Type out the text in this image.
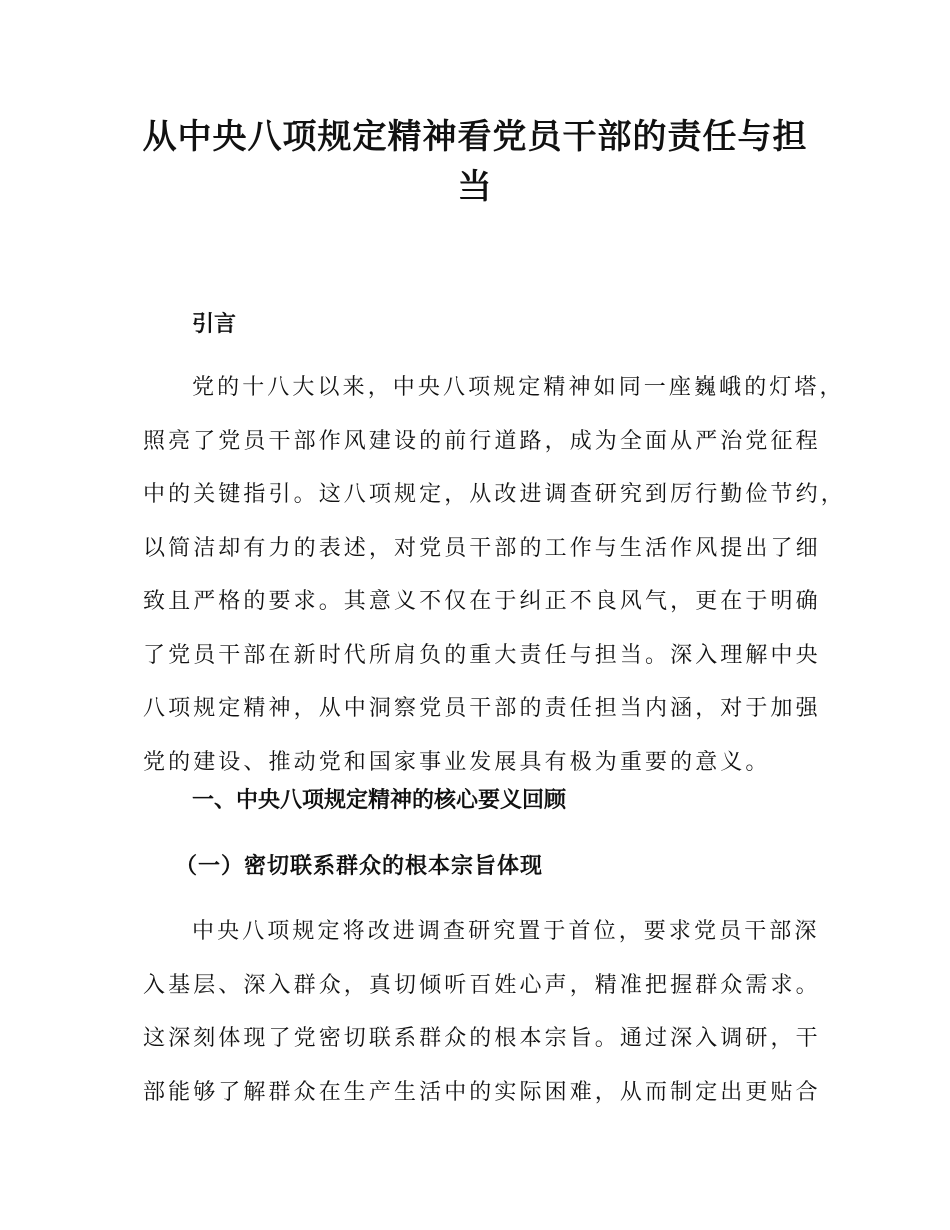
从中央八项规定精神看党员干部的责任与担
当
引言
党的十八大以来，中央八项规定精神如同一座巍峨的灯塔，
照亮了党员干部作风建设的前行道路，成为全面从严治党征程
中的关键指引。这八项规定，从改进调查研究到厉行勤俭节约，
以简洁却有力的表述，对党员干部的工作与生活作风提出了细
致且严格的要求。其意义不仅在于纠正不良风气，更在于明确
了党员干部在新时代所肩负的重大责任与担当。深入理解中央
八项规定精神，从中洞察党员干部的责任担当内涵，对于加强
党的建设、推动党和国家事业发展具有极为重要的意义。
一、中央八项规定精神的核心要义回顾
（一）密切联系群众的根本宗旨体现
中央八项规定将改进调查研究置于首位，要求党员干部深
入基层、深入群众，真切倾听百姓心声，精准把握群众需求。
这深刻体现了党密切联系群众的根本宗旨。通过深入调研，干
部能够了解群众在生产生活中的实际困难，从而制定出更贴合
